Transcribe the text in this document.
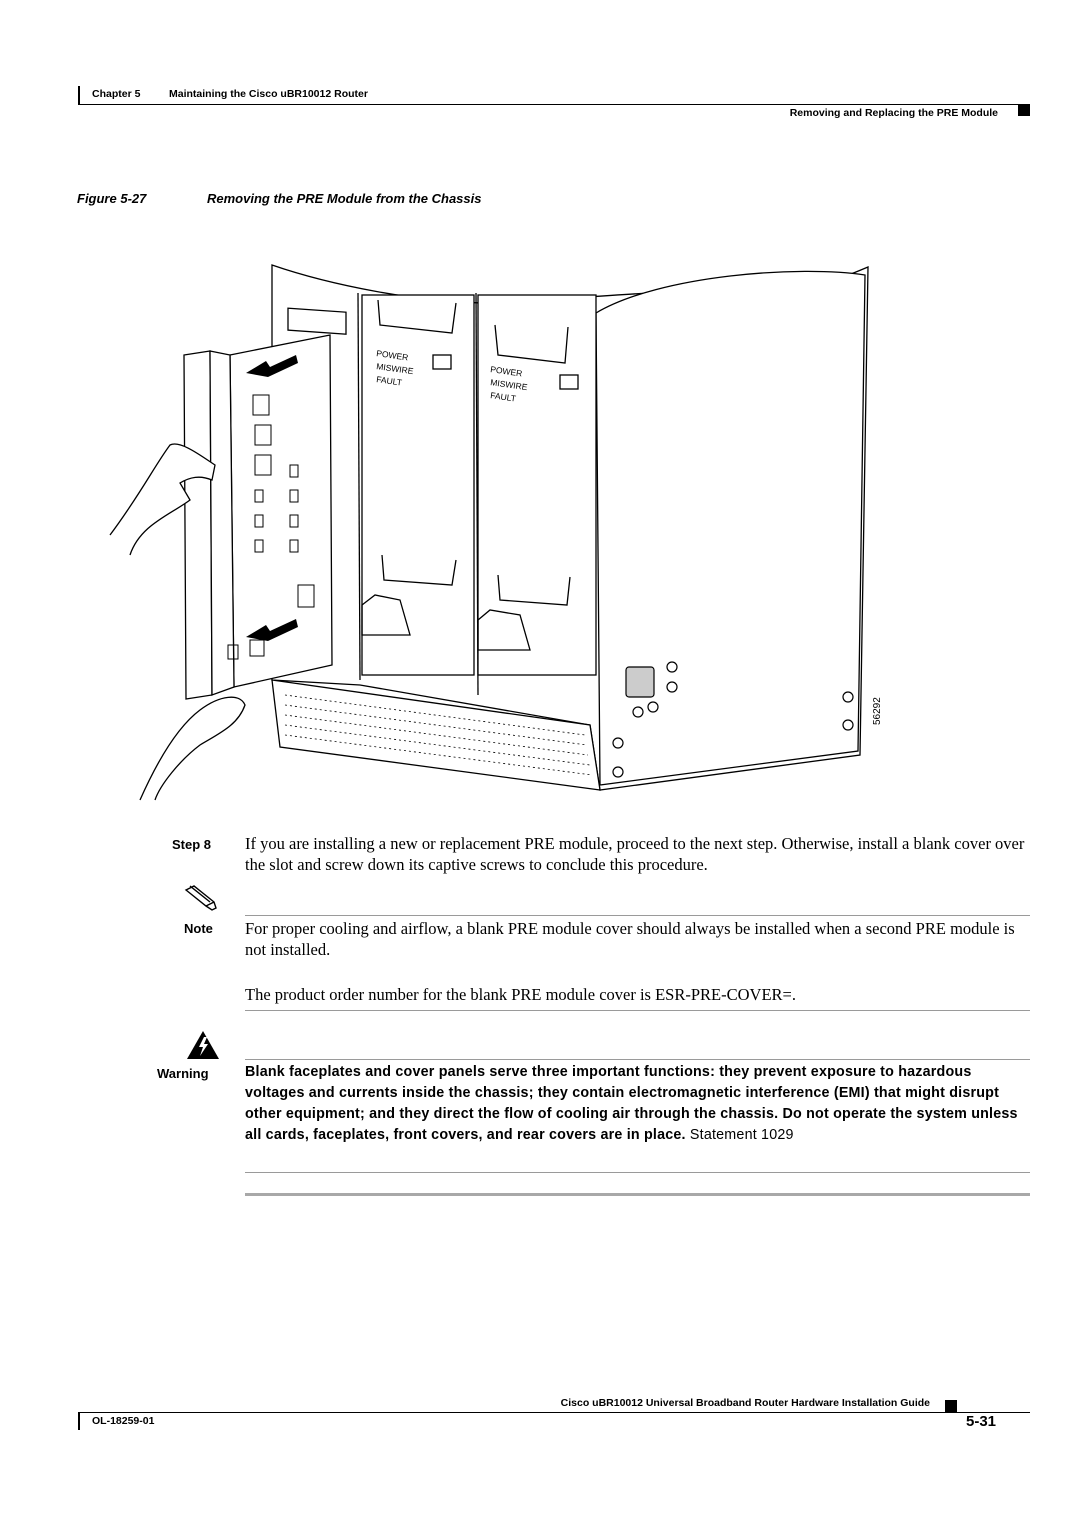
Chapter 5	Maintaining the Cisco uBR10012 Router
Removing and Replacing the PRE Module
Figure 5-27	Removing the PRE Module from the Chassis
POWER
MISWIRE
FAULT
POWER
MISWIRE
FAULT
56292
Step 8 If you are installing a new or replacement PRE module, proceed to the next step. Otherwise, install a blank cover over the slot and screw down its captive screws to conclude this procedure.
Note For proper cooling and airflow, a blank PRE module cover should always be installed when a second PRE module is not installed.
The product order number for the blank PRE module cover is ESR-PRE-COVER=.
Warning	Blank faceplates and cover panels serve three important functions: they prevent exposure to hazardous voltages and currents inside the chassis; they contain electromagnetic interference (EMI) that might disrupt other equipment; and they direct the flow of cooling air through the chassis. Do not operate the system unless all cards, faceplates, front covers, and rear covers are in place. Statement 1029
Cisco uBR10012 Universal Broadband Router Hardware Installation Guide
OL-18259-01	5-31
